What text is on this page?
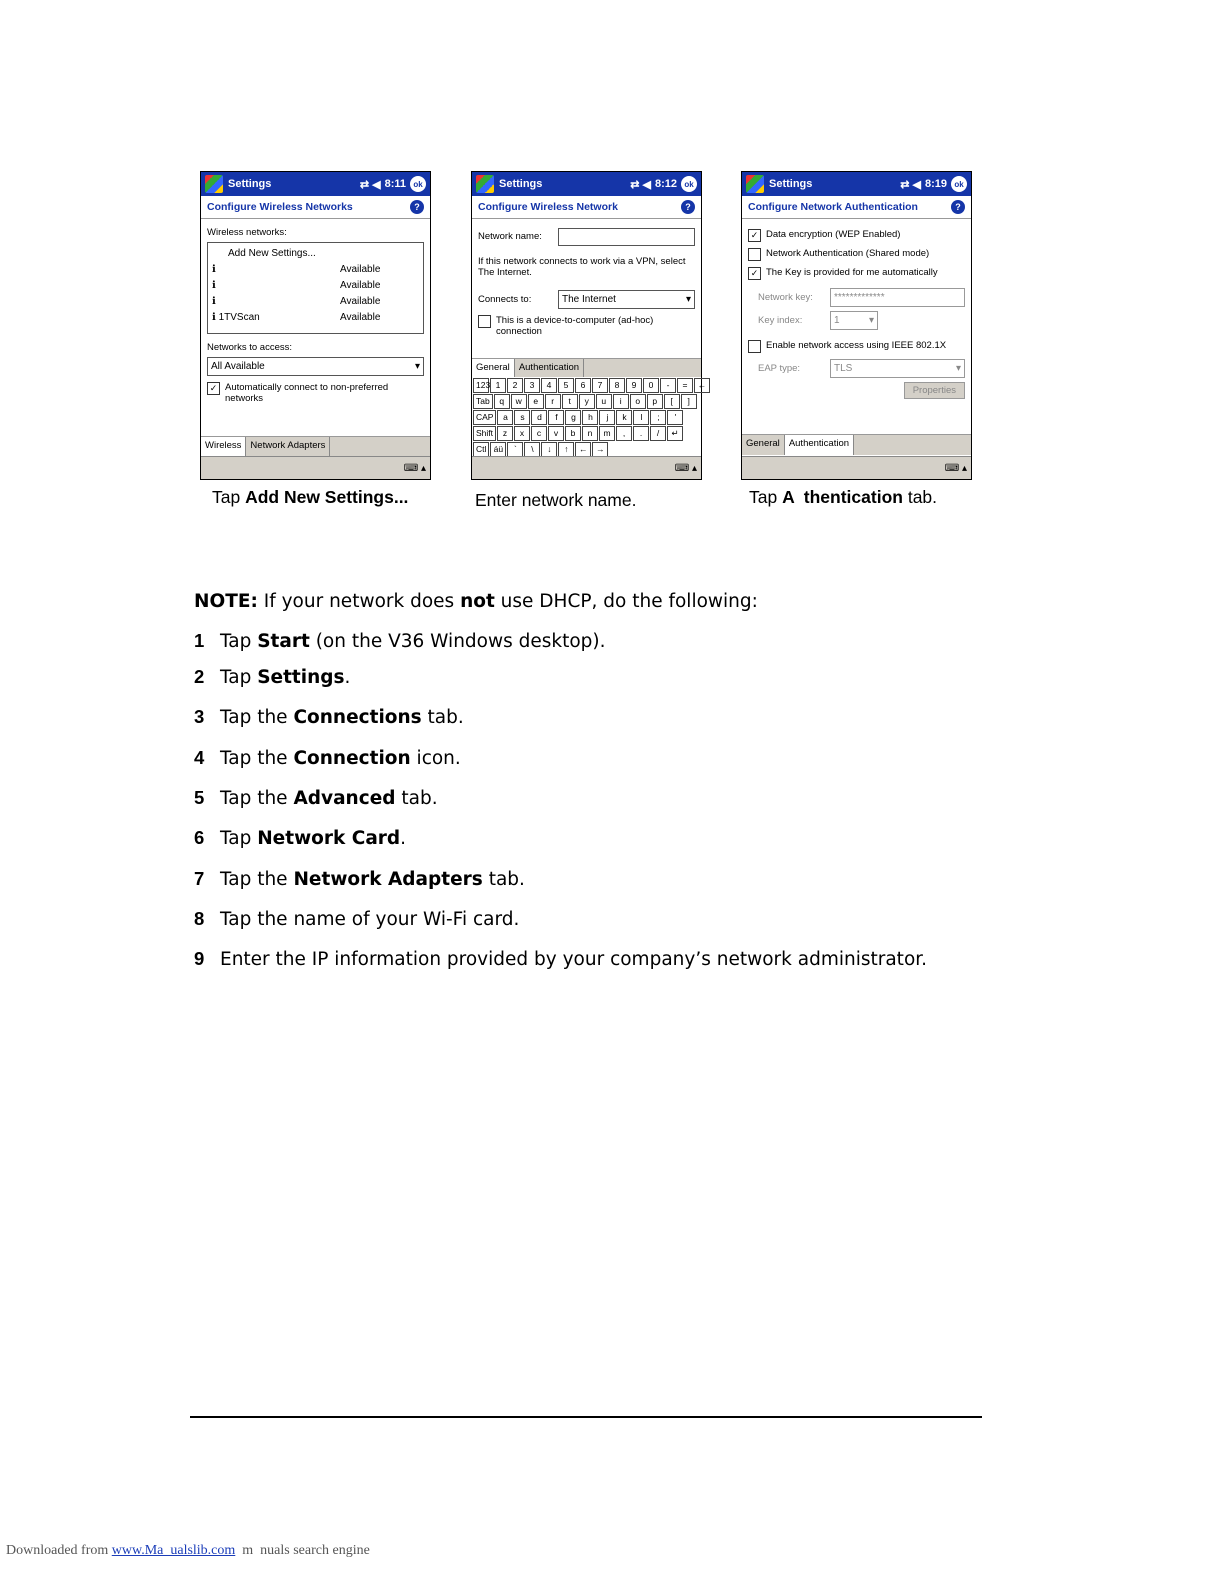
Settings	⇄ ◀ 8:11 ok
Configure Wireless Networks	?
Wireless networks:
Add New Settings...
ℹ	Available
ℹ	Available
ℹ	Available
ℹ 1TVScan	Available
Networks to access:
All Available	▾
✓ Automatically connect to non-preferred networks
Wireless Network Adapters
⌨ ▴
Settings	⇄ ◀ 8:12 ok
Configure Wireless Network	?
Network name:
If this network connects to work via a VPN, select The Internet.
Connects to:	The Internet	▾
This is a device-to-computer (ad-hoc) connection
General Authentication
123 1	2	3	4	5	6	7	8	9	0	-	=	←
Tab	q	w	e	r	t	y	u	i	o	p	[	]
CAP	a	s	d	f	g	h	j	k	l	;	'
Shift	z	x	c	v	b	n	m	,	.	/	↵
Ctl áü	`	\	↓	↑	←	→
⌨ ▴
Settings	⇄ ◀ 8:19 ok
Configure Network Authentication	?
✓ Data encryption (WEP Enabled)
Network Authentication (Shared mode)
✓ The Key is provided for me automatically
Network key:	*************
Key index:	1	▾
Enable network access using IEEE 802.1X
EAP type:	TLS	▾
Properties
General Authentication
⌨ ▴
Tap Add New Settings...	Enter network name.	Tap A  thentication tab.
NOTE: If your network does not use DHCP, do the following:
1 Tap Start (on the V36 Windows desktop).
2 Tap Settings.
3 Tap the Connections tab.
4 Tap the Connection icon.
5 Tap the Advanced tab.
6 Tap Network Card.
7 Tap the Network Adapters tab.
8 Tap the name of your Wi-Fi card.
9 Enter the IP information provided by your company’s network administrator.
Downloaded from www.Ma  ualslib.com  m  nuals search engine
